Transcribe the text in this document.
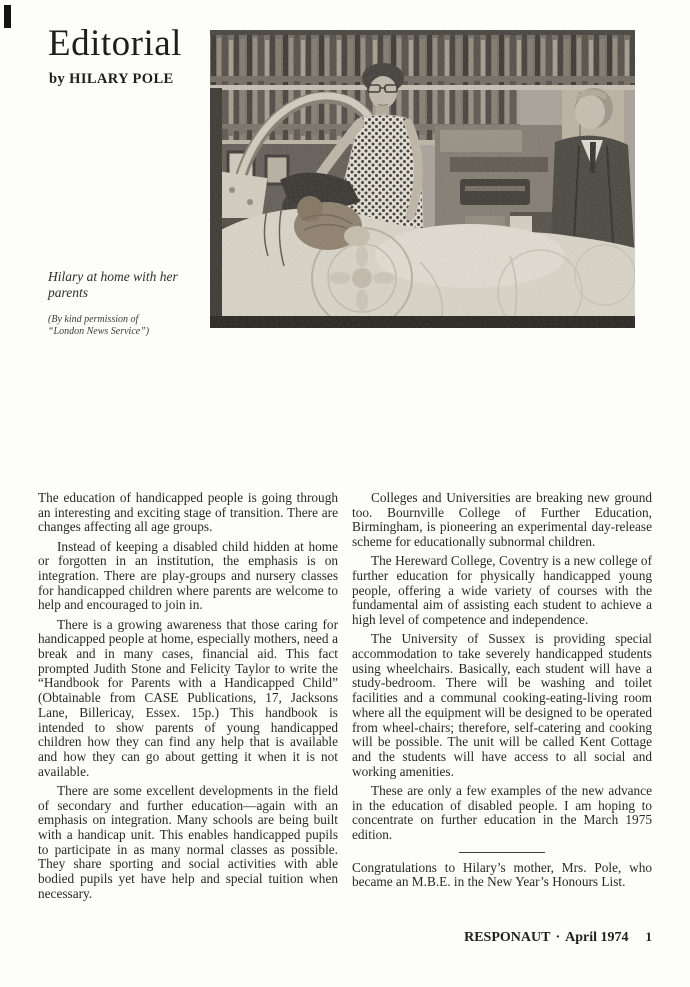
Editorial
by HILARY POLE
Hilary at home with her
parents
(By kind permission of
“London News Service”)

The education of handicapped people is going through an interesting and exciting stage of transition. There are changes affecting all age groups.

Instead of keeping a disabled child hidden at home or forgotten in an institution, the emphasis is on integration. There are play-groups and nursery classes for handicapped children where parents are welcome to help and encouraged to join in.

There is a growing awareness that those caring for handicapped people at home, especially mothers, need a break and in many cases, financial aid. This fact prompted Judith Stone and Felicity Taylor to write the “Handbook for Parents with a Handicapped Child” (Obtainable from CASE Publications, 17, Jacksons Lane, Billericay, Essex. 15p.) This handbook is intended to show parents of young handicapped children how they can find any help that is available and how they can go about getting it when it is not available.

There are some excellent developments in the field of secondary and further education—again with an emphasis on integration. Many schools are being built with a handicap unit. This enables handicapped pupils to participate in as many normal classes as possible. They share sporting and social activities with able bodied pupils yet have help and special tuition when necessary.

Colleges and Universities are breaking new ground too. Bournville College of Further Education, Birmingham, is pioneering an experimental day-release scheme for educationally subnormal children.

The Hereward College, Coventry is a new college of further education for physically handicapped young people, offering a wide variety of courses with the fundamental aim of assisting each student to achieve a high level of competence and independence.

The University of Sussex is providing special accommodation to take severely handicapped students using wheelchairs. Basically, each student will have a study-bedroom. There will be washing and toilet facilities and a communal cooking-eating-living room where all the equipment will be designed to be operated from wheel-chairs; therefore, self-catering and cooking will be possible. The unit will be called Kent Cottage and the students will have access to all social and working amenities.

These are only a few examples of the new advance in the education of disabled people. I am hoping to concentrate on further education in the March 1975 edition.

Congratulations to Hilary’s mother, Mrs. Pole, who became an M.B.E. in the New Year’s Honours List.

RESPONAUT · April 1974 1
